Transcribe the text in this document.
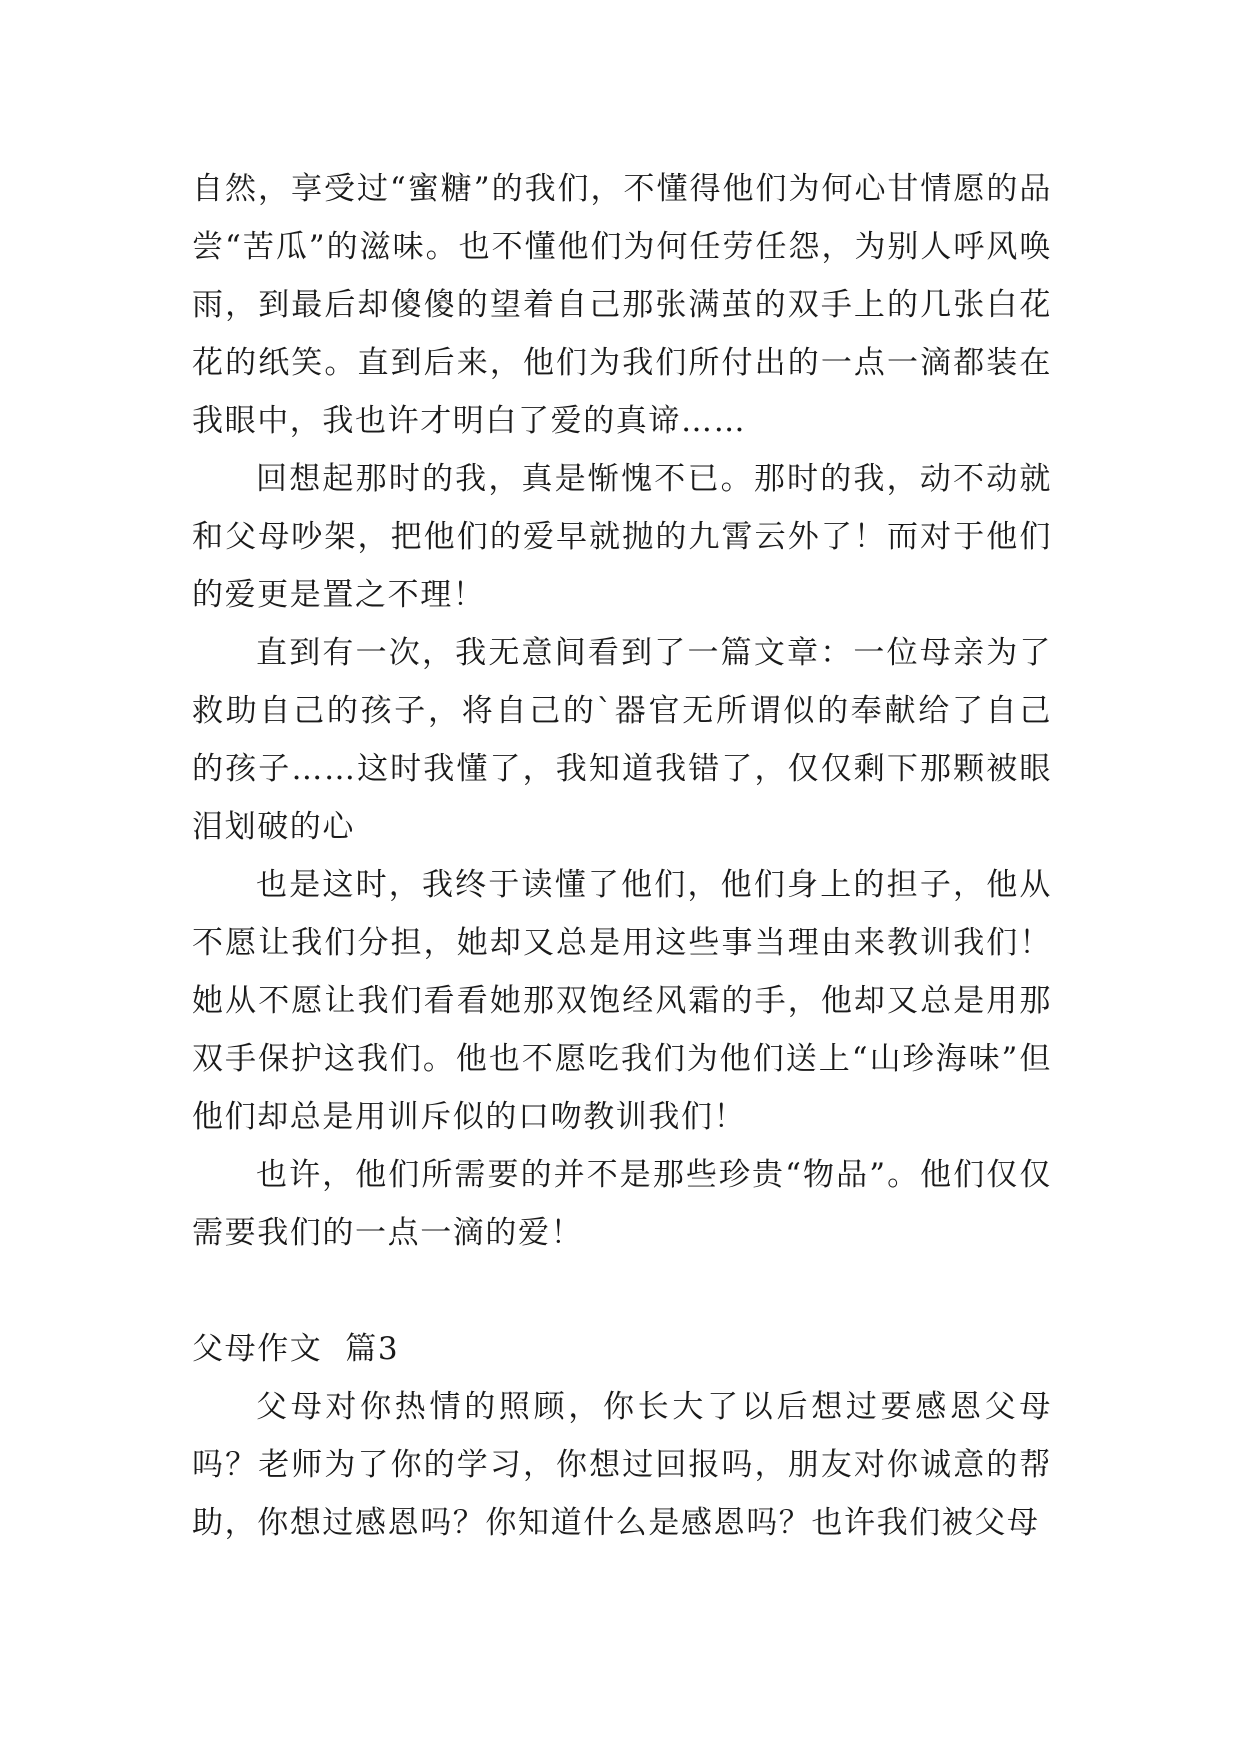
自然，享受过“蜜糖”的我们，不懂得他们为何心甘情愿的品尝“苦瓜”的滋味。也不懂他们为何任劳任怨，为别人呼风唤雨，到最后却傻傻的望着自己那张满茧的双手上的几张白花花的纸笑。直到后来，他们为我们所付出的一点一滴都装在我眼中，我也许才明白了爱的真谛……

回想起那时的我，真是惭愧不已。那时的我，动不动就和父母吵架，把他们的爱早就抛的九霄云外了！而对于他们的爱更是置之不理！

直到有一次，我无意间看到了一篇文章：一位母亲为了救助自己的孩子，将自己的`器官无所谓似的奉献给了自己的孩子……这时我懂了，我知道我错了，仅仅剩下那颗被眼泪划破的心

也是这时，我终于读懂了他们，他们身上的担子，他从不愿让我们分担，她却又总是用这些事当理由来教训我们！她从不愿让我们看看她那双饱经风霜的手，他却又总是用那双手保护这我们。他也不愿吃我们为他们送上“山珍海味”但他们却总是用训斥似的口吻教训我们！

也许，他们所需要的并不是那些珍贵“物品”。他们仅仅需要我们的一点一滴的爱！

父母作文  篇3

父母对你热情的照顾，你长大了以后想过要感恩父母吗？老师为了你的学习，你想过回报吗，朋友对你诚意的帮助，你想过感恩吗？你知道什么是感恩吗？也许我们被父母
